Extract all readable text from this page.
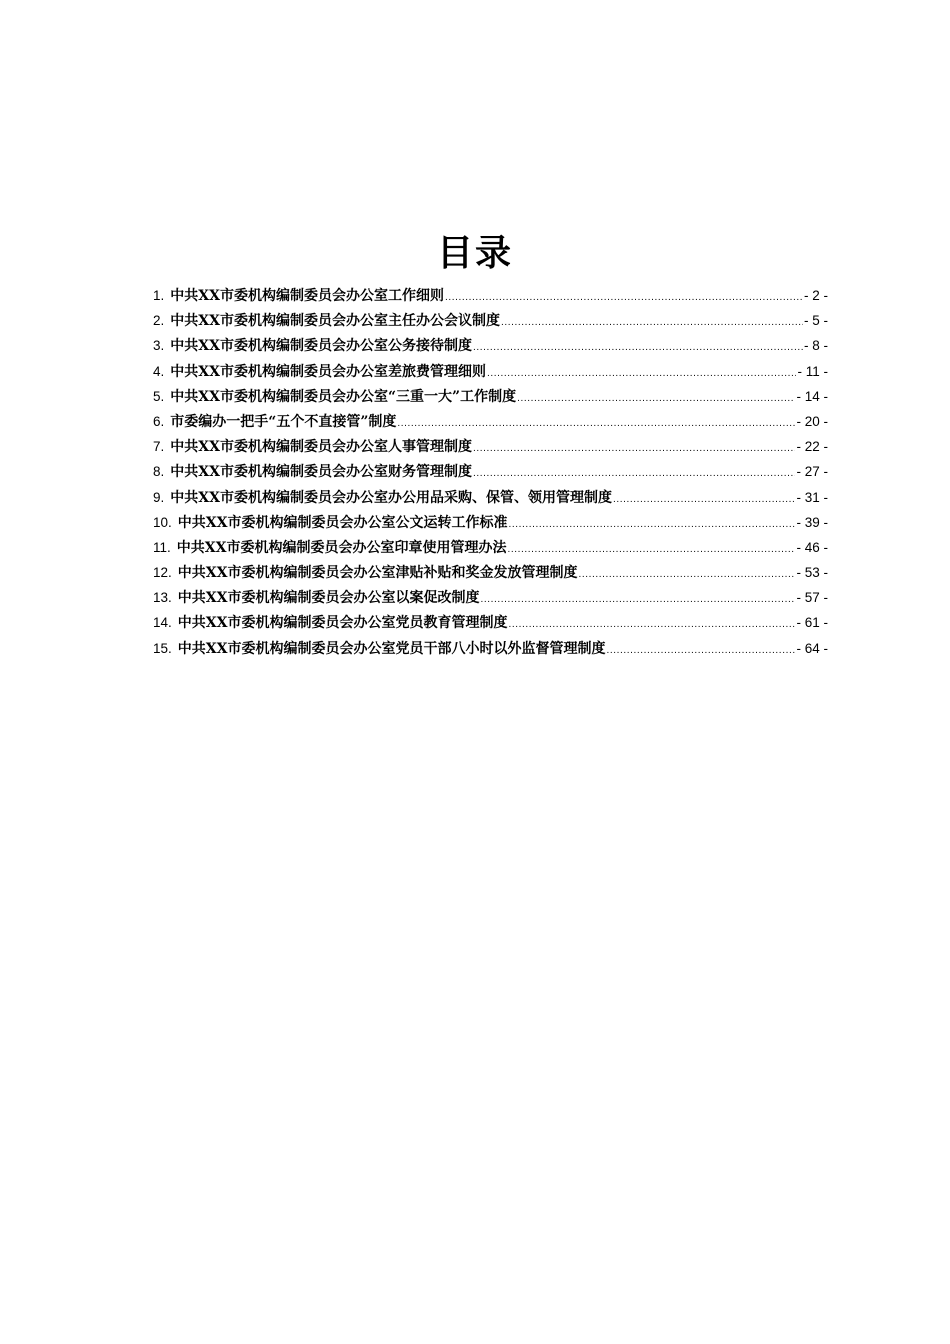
目录
1. 中共XX市委机构编制委员会办公室工作细则 .....	- 2 -
2. 中共XX市委机构编制委员会办公室主任办公会议制度 .....	- 5 -
3. 中共XX市委机构编制委员会办公室公务接待制度 .....	- 8 -
4. 中共XX市委机构编制委员会办公室差旅费管理细则 .....	- 11 -
5. 中共XX市委机构编制委员会办公室“三重一大”工作制度 .....	- 14 -
6. 市委编办一把手“五个不直接管”制度 .....	- 20 -
7. 中共XX市委机构编制委员会办公室人事管理制度 .....	- 22 -
8. 中共XX市委机构编制委员会办公室财务管理制度 .....	- 27 -
9. 中共XX市委机构编制委员会办公室办公用品采购、保管、领用管理制度 .....	- 31 -
10. 中共XX市委机构编制委员会办公室公文运转工作标准 .....	- 39 -
11. 中共XX市委机构编制委员会办公室印章使用管理办法 .....	- 46 -
12. 中共XX市委机构编制委员会办公室津贴补贴和奖金发放管理制度 .....	- 53 -
13. 中共XX市委机构编制委员会办公室以案促改制度 .....	- 57 -
14. 中共XX市委机构编制委员会办公室党员教育管理制度 .....	- 61 -
15. 中共XX市委机构编制委员会办公室党员干部八小时以外监督管理制度 .....	- 64 -
